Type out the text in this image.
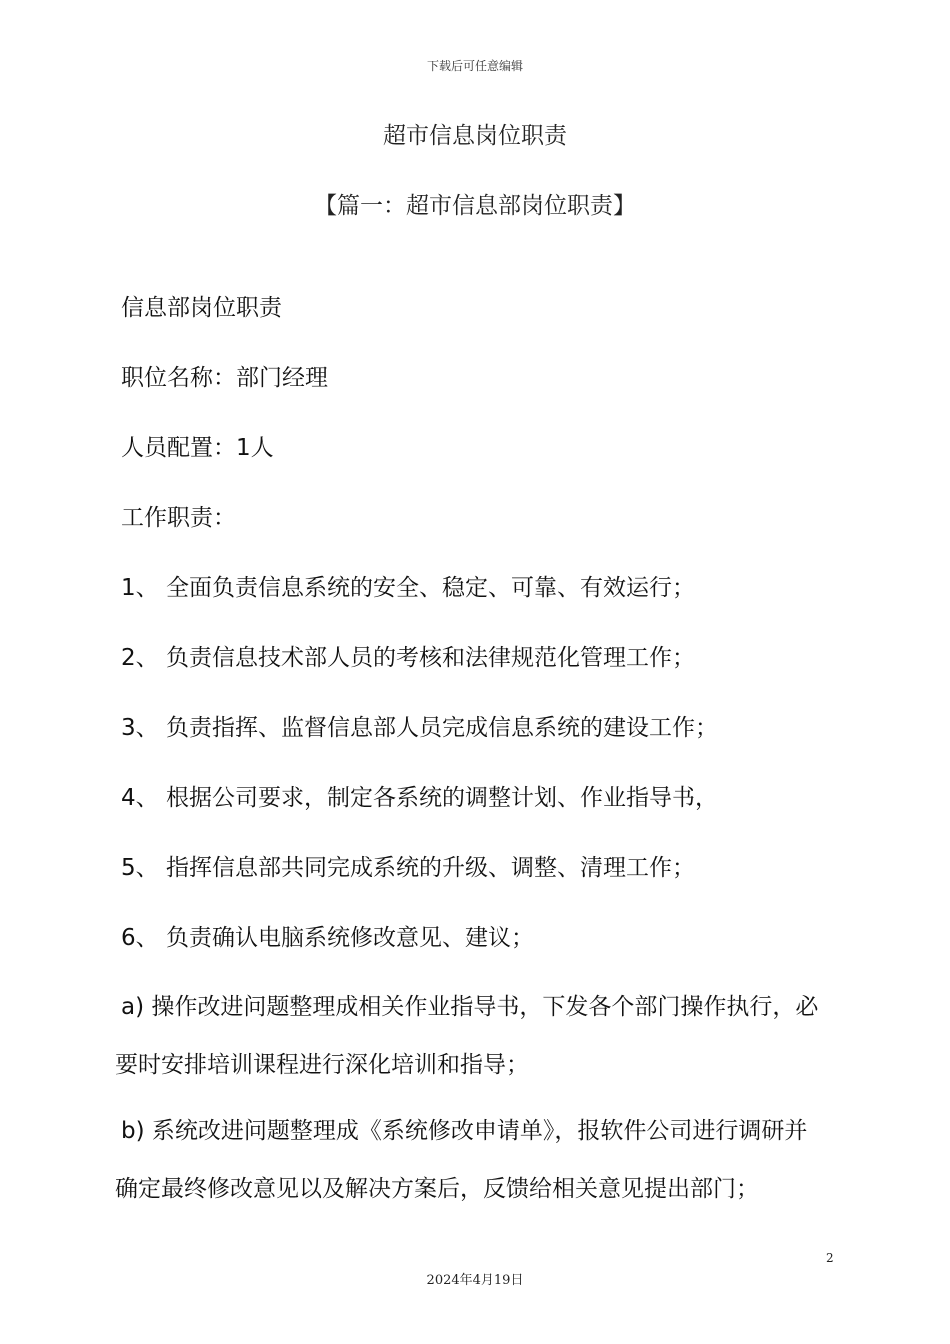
下载后可任意编辑
超市信息岗位职责
【篇一：超市信息部岗位职责】
信息部岗位职责
职位名称：部门经理
人员配置：1人
工作职责：
1、 全面负责信息系统的安全、稳定、可靠、有效运行；
2、 负责信息技术部人员的考核和法律规范化管理工作；
3、 负责指挥、监督信息部人员完成信息系统的建设工作；
4、 根据公司要求，制定各系统的调整计划、作业指导书，
5、 指挥信息部共同完成系统的升级、调整、清理工作；
6、 负责确认电脑系统修改意见、建议；
a) 操作改进问题整理成相关作业指导书，下发各个部门操作执行，必
要时安排培训课程进行深化培训和指导；
b) 系统改进问题整理成《系统修改申请单》，报软件公司进行调研并
确定最终修改意见以及解决方案后，反馈给相关意见提出部门；
2
2024年4月19日
